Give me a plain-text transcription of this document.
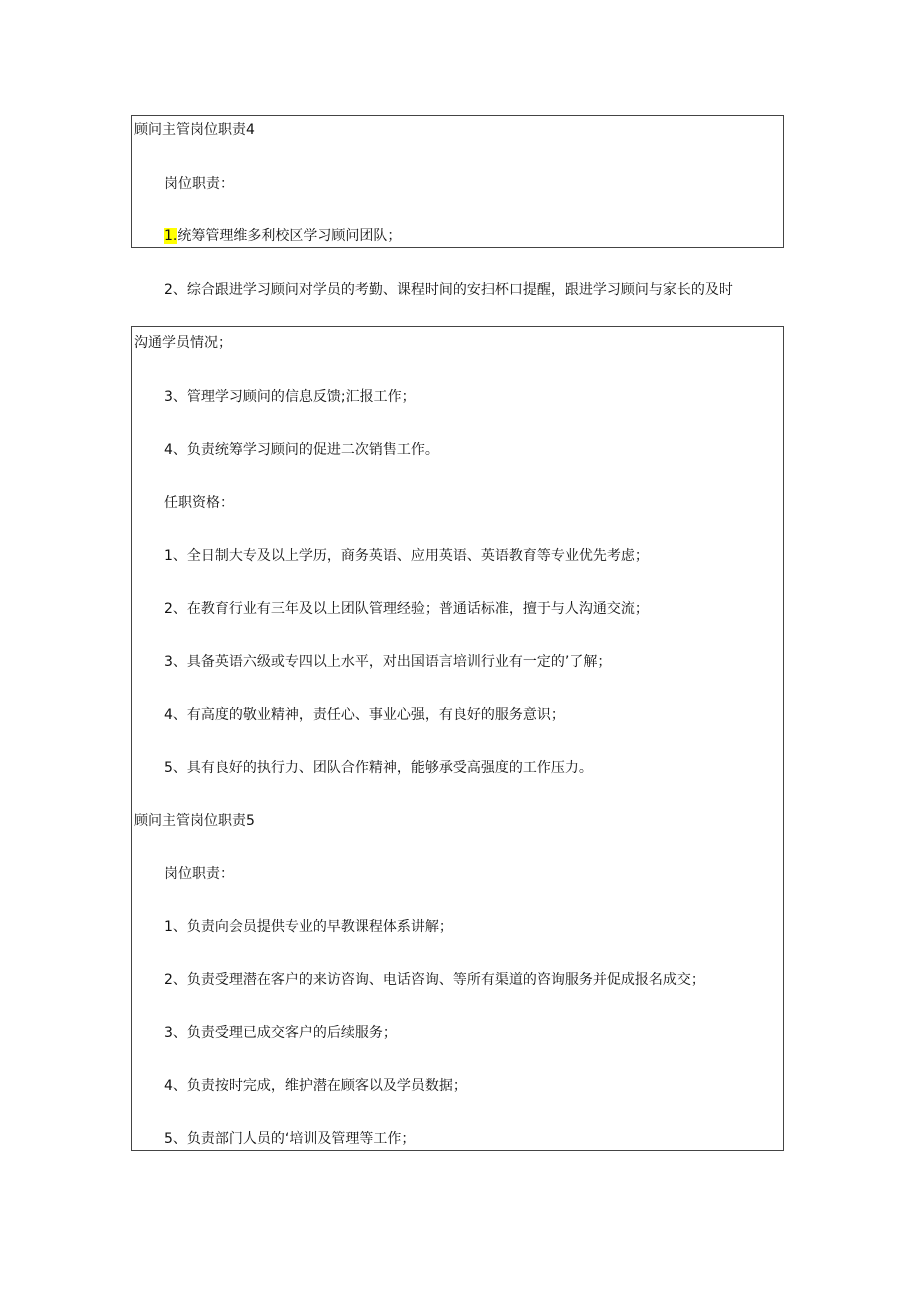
顾问主管岗位职责4
岗位职责：
1.统筹管理维多利校区学习顾问团队；
2、综合跟进学习顾问对学员的考勤、课程时间的安扫杯口提醒，跟进学习顾问与家长的及时
沟通学员情况；
3、管理学习顾问的信息反馈;汇报工作；
4、负责统筹学习顾问的促进二次销售工作。
任职资格：
1、全日制大专及以上学历，商务英语、应用英语、英语教育等专业优先考虑；
2、在教育行业有三年及以上团队管理经验；普通话标准，擅于与人沟通交流；
3、具备英语六级或专四以上水平，对出国语言培训行业有一定的’了解；
4、有高度的敬业精神，责任心、事业心强，有良好的服务意识；
5、具有良好的执行力、团队合作精神，能够承受高强度的工作压力。
顾问主管岗位职责5
岗位职责：
1、负责向会员提供专业的早教课程体系讲解；
2、负责受理潜在客户的来访咨询、电话咨询、等所有渠道的咨询服务并促成报名成交；
3、负责受理已成交客户的后续服务；
4、负责按时完成，维护潜在顾客以及学员数据；
5、负责部门人员的‘培训及管理等工作；
